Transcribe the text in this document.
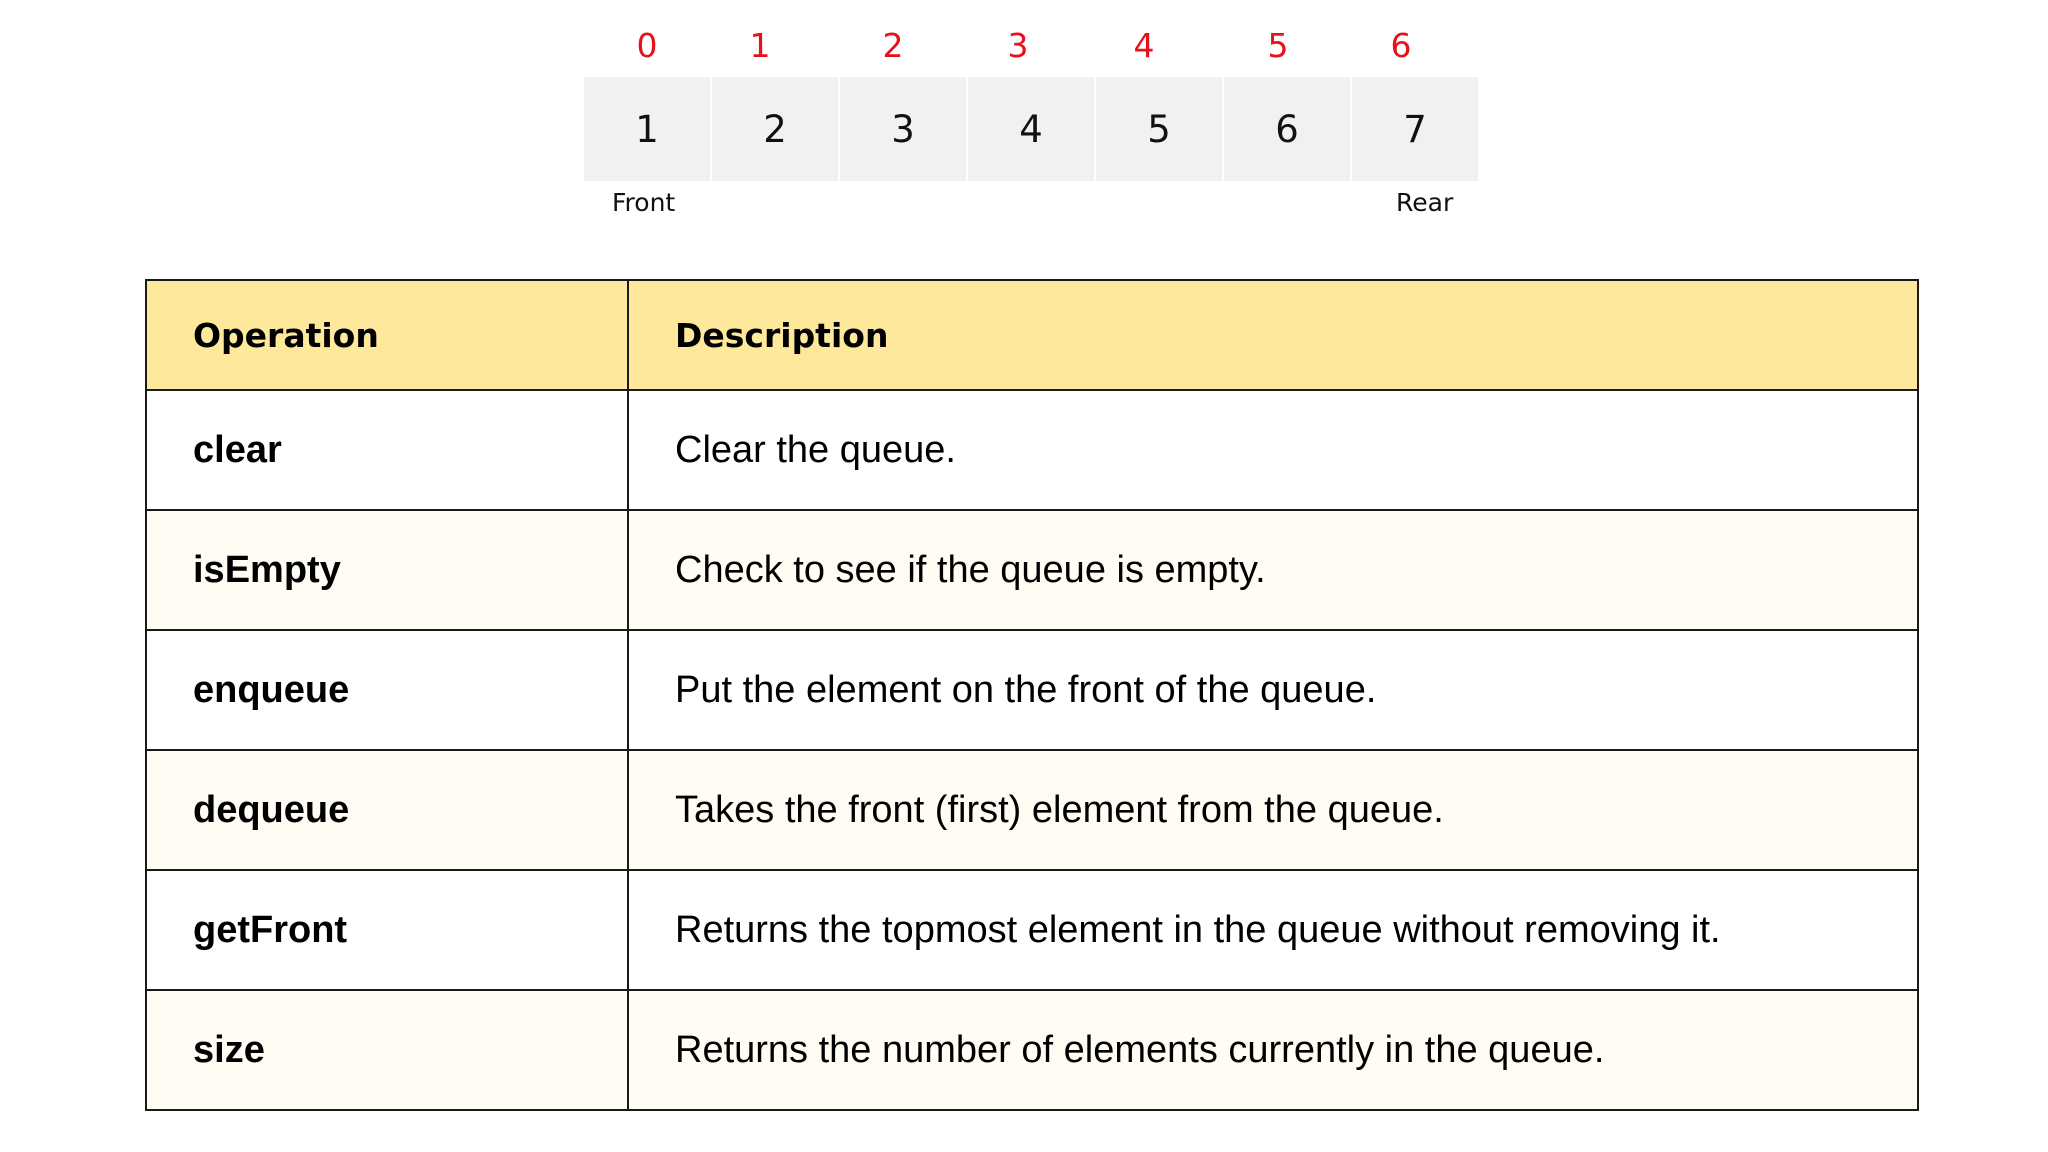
0	1	2	3	4	5	6
1	2	3	4	5	6	7
Front	Rear
Operation	Description
clear	Clear the queue.
isEmpty	Check to see if the queue is empty.
enqueue	Put the element on the front of the queue.
dequeue	Takes the front (first) element from the queue.
getFront	Returns the topmost element in the queue without removing it.
size	Returns the number of elements currently in the queue.
